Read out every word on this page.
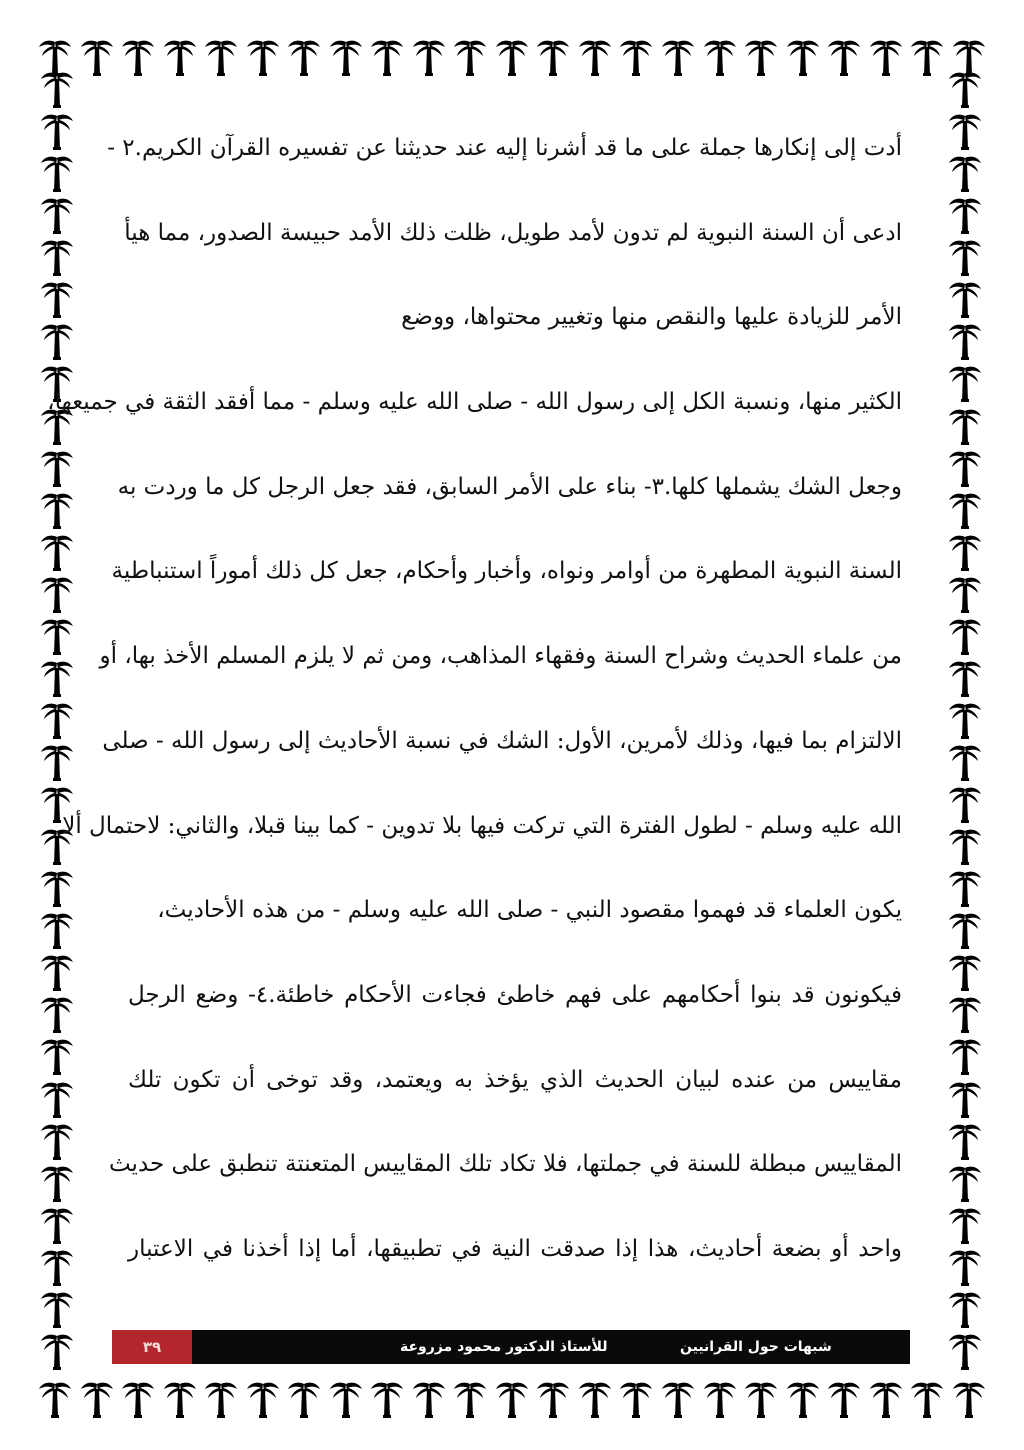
أدت إلى إنكارها جملة على ما قد أشرنا إليه عند حديثنا عن تفسيره القرآن الكريم.٢ -
ادعى أن السنة النبوية لم تدون لأمد طويل، ظلت ذلك الأمد حبيسة الصدور، مما هيأ
الأمر للزيادة عليها والنقص منها وتغيير محتواها، ووضع
الكثير منها، ونسبة الكل إلى رسول الله - صلى الله عليه وسلم - مما أفقد الثقة في جميعها،
وجعل الشك يشملها كلها.٣- بناء على الأمر السابق، فقد جعل الرجل كل ما وردت به
السنة النبوية المطهرة من أوامر ونواه، وأخبار وأحكام، جعل كل ذلك أموراً استنباطية
من علماء الحديث وشراح السنة وفقهاء المذاهب، ومن ثم لا يلزم المسلم الأخذ بها، أو
الالتزام بما فيها، وذلك لأمرين، الأول: الشك في نسبة الأحاديث إلى رسول الله - صلى
الله عليه وسلم - لطول الفترة التي تركت فيها بلا تدوين - كما بينا قبلا، والثاني: لاحتمال ألا
يكون العلماء قد فهموا مقصود النبي - صلى الله عليه وسلم - من هذه الأحاديث،
فيكونون قد بنوا أحكامهم على فهم خاطئ فجاءت الأحكام خاطئة.٤- وضع الرجل
مقاييس من عنده لبيان الحديث الذي يؤخذ به ويعتمد، وقد توخى أن تكون تلك
المقاييس مبطلة للسنة في جملتها، فلا تكاد تلك المقاييس المتعنتة تنطبق على حديث
واحد أو بضعة أحاديث، هذا إذا صدقت النية في تطبيقها، أما إذا أخذنا في الاعتبار
٣٩	للأستاذ الدكتور محمود مزروعة	شبهات حول القرانيين
